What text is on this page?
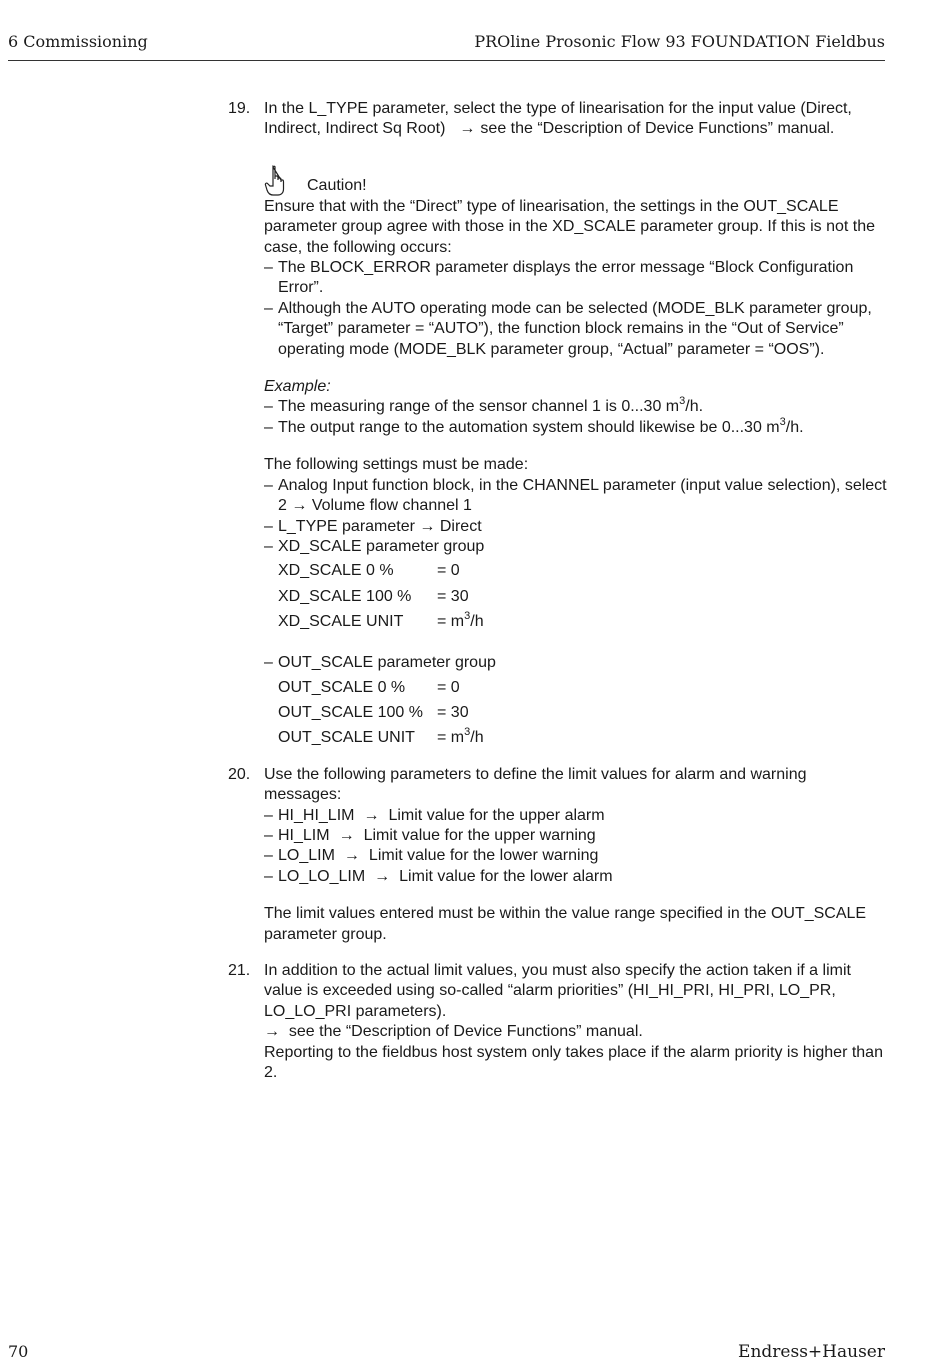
6 Commissioning	PROline Prosonic Flow 93 FOUNDATION Fieldbus
19. In the L_TYPE parameter, select the type of linearisation for the input value (Direct,
Indirect, Indirect Sq Root) → see the “Description of Device Functions” manual.
Caution!
Ensure that with the “Direct” type of linearisation, the settings in the OUT_SCALE parameter group agree with those in the XD_SCALE parameter group. If this is not the case, the following occurs:
– The BLOCK_ERROR parameter displays the error message “Block Configuration Error”.
– Although the AUTO operating mode can be selected (MODE_BLK parameter group, “Target” parameter = “AUTO”), the function block remains in the “Out of Service” operating mode (MODE_BLK parameter group, “Actual” parameter = “OOS”).
Example:
– The measuring range of the sensor channel 1 is 0...30 $m^3/h$.
– The output range to the automation system should likewise be 0...30 $m^3/h$.
The following settings must be made:
– Analog Input function block, in the CHANNEL parameter (input value selection), select 2 → Volume flow channel 1
– L_TYPE parameter → Direct
– XD_SCALE parameter group
XD_SCALE 0 %	= 0
XD_SCALE 100 %	= 30
XD_SCALE UNIT	= $m^3/h$
– OUT_SCALE parameter group
OUT_SCALE 0 %	= 0
OUT_SCALE 100 % = 30
OUT_SCALE UNIT	= $m^3/h$
20. Use the following parameters to define the limit values for alarm and warning messages:
– HI_HI_LIM → Limit value for the upper alarm
– HI_LIM → Limit value for the upper warning
– LO_LIM → Limit value for the lower warning
– LO_LO_LIM → Limit value for the lower alarm
The limit values entered must be within the value range specified in the OUT_SCALE parameter group.
21. In addition to the actual limit values, you must also specify the action taken if a limit value is exceeded using so-called “alarm priorities” (HI_HI_PRI, HI_PRI, LO_PR, LO_LO_PRI parameters).
→ see the “Description of Device Functions” manual.
Reporting to the fieldbus host system only takes place if the alarm priority is higher than 2.
70	Endress+Hauser
